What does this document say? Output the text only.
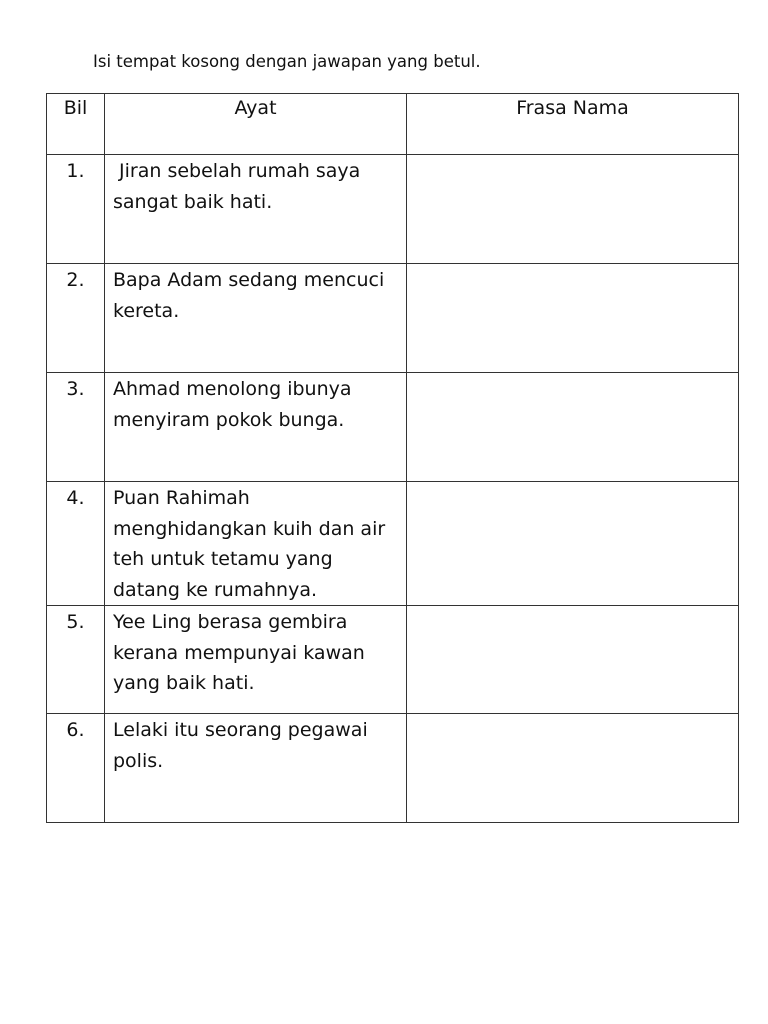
Isi tempat kosong dengan jawapan yang betul.
Bil	Ayat	Frasa Nama
1.	Jiran sebelah rumah saya sangat baik hati.	
2.	Bapa Adam sedang mencuci kereta.	
3.	Ahmad menolong ibunya menyiram pokok bunga.	
4.	Puan Rahimah menghidangkan kuih dan air teh untuk tetamu yang datang ke rumahnya.	
5.	Yee Ling berasa gembira kerana mempunyai kawan yang baik hati.	
6.	Lelaki itu seorang pegawai polis.	
